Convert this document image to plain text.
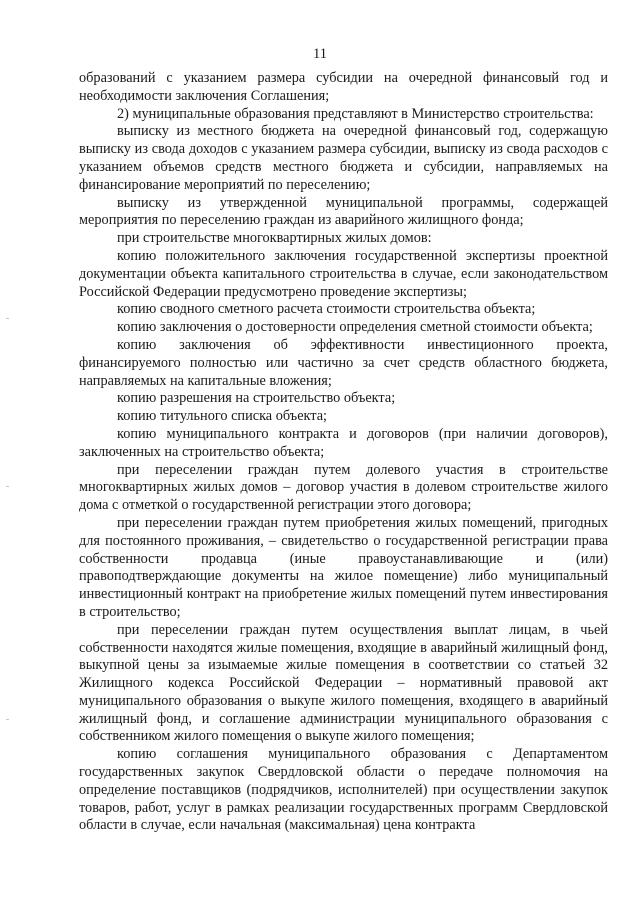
11

образований с указанием размера субсидии на очередной финансовый год и необходимости заключения Соглашения;

2) муниципальные образования представляют в Министерство строительства:

выписку из местного бюджета на очередной финансовый год, содержащую выписку из свода доходов с указанием размера субсидии, выписку из свода расходов с указанием объемов средств местного бюджета и субсидии, направляемых на финансирование мероприятий по переселению;

выписку из утвержденной муниципальной программы, содержащей мероприятия по переселению граждан из аварийного жилищного фонда;

при строительстве многоквартирных жилых домов:

копию положительного заключения государственной экспертизы проектной документации объекта капитального строительства в случае, если законодательством Российской Федерации предусмотрено проведение экспертизы;

копию сводного сметного расчета стоимости строительства объекта;

копию заключения о достоверности определения сметной стоимости объекта;

копию заключения об эффективности инвестиционного проекта, финансируемого полностью или частично за счет средств областного бюджета, направляемых на капитальные вложения;

копию разрешения на строительство объекта;

копию титульного списка объекта;

копию муниципального контракта и договоров (при наличии договоров), заключенных на строительство объекта;

при переселении граждан путем долевого участия в строительстве многоквартирных жилых домов – договор участия в долевом строительстве жилого дома с отметкой о государственной регистрации этого договора;

при переселении граждан путем приобретения жилых помещений, пригодных для постоянного проживания, – свидетельство о государственной регистрации права собственности продавца (иные правоустанавливающие и (или) правоподтверждающие документы на жилое помещение) либо муниципальный инвестиционный контракт на приобретение жилых помещений путем инвестирования в строительство;

при переселении граждан путем осуществления выплат лицам, в чьей собственности находятся жилые помещения, входящие в аварийный жилищный фонд, выкупной цены за изымаемые жилые помещения в соответствии со статьей 32 Жилищного кодекса Российской Федерации – нормативный правовой акт муниципального образования о выкупе жилого помещения, входящего в аварийный жилищный фонд, и соглашение администрации муниципального образования с собственником жилого помещения о выкупе жилого помещения;

копию соглашения муниципального образования с Департаментом государственных закупок Свердловской области о передаче полномочия на определение поставщиков (подрядчиков, исполнителей) при осуществлении закупок товаров, работ, услуг в рамках реализации государственных программ Свердловской области в случае, если начальная (максимальная) цена контракта
